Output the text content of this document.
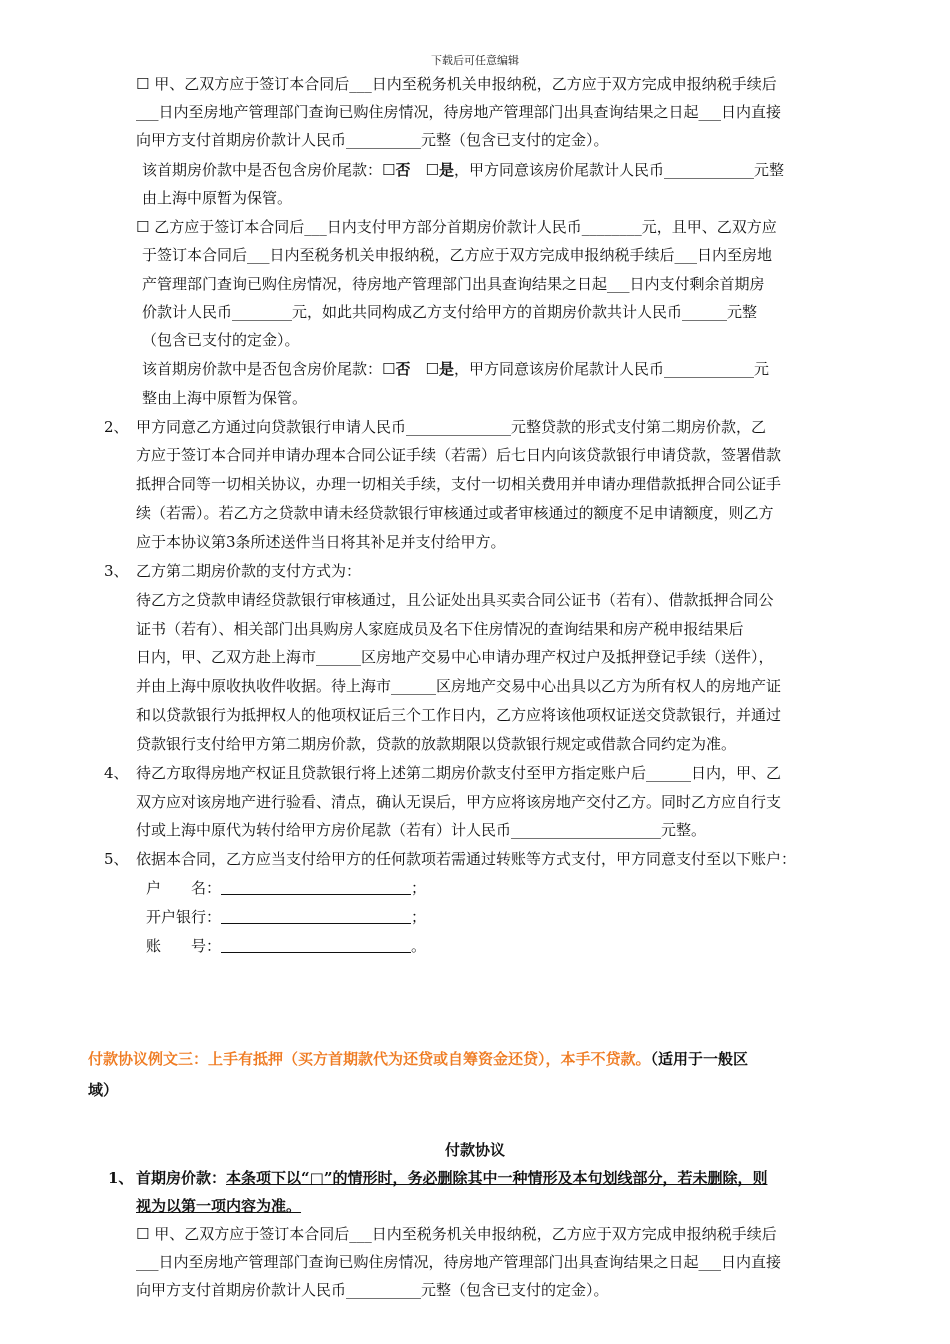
下载后可任意编辑
☐ 甲、乙双方应于签订本合同后___日内至税务机关申报纳税，乙方应于双方完成申报纳税手续后
___日内至房地产管理部门查询已购住房情况，待房地产管理部门出具查询结果之日起___日内直接
向甲方支付首期房价款计人民币__________元整（包含已支付的定金）。
该首期房价款中是否包含房价尾款：☐否　 ☐是，甲方同意该房价尾款计人民币____________元整
由上海中原暂为保管。
☐ 乙方应于签订本合同后___日内支付甲方部分首期房价款计人民币________元，且甲、乙双方应
于签订本合同后___日内至税务机关申报纳税，乙方应于双方完成申报纳税手续后___日内至房地
产管理部门查询已购住房情况，待房地产管理部门出具查询结果之日起___日内支付剩余首期房
价款计人民币________元，如此共同构成乙方支付给甲方的首期房价款共计人民币______元整
（包含已支付的定金）。
该首期房价款中是否包含房价尾款：☐否　 ☐是，甲方同意该房价尾款计人民币____________元
整由上海中原暂为保管。
2、 甲方同意乙方通过向贷款银行申请人民币______________元整贷款的形式支付第二期房价款，乙
方应于签订本合同并申请办理本合同公证手续（若需）后七日内向该贷款银行申请贷款，签署借款
抵押合同等一切相关协议，办理一切相关手续，支付一切相关费用并申请办理借款抵押合同公证手
续（若需）。若乙方之贷款申请未经贷款银行审核通过或者审核通过的额度不足申请额度，则乙方
应于本协议第3条所述送件当日将其补足并支付给甲方。
3、 乙方第二期房价款的支付方式为：
待乙方之贷款申请经贷款银行审核通过，且公证处出具买卖合同公证书（若有）、借款抵押合同公
证书（若有）、相关部门出具购房人家庭成员及名下住房情况的查询结果和房产税申报结果后
日内，甲、乙双方赴上海市______区房地产交易中心申请办理产权过户及抵押登记手续（送件），
并由上海中原收执收件收据。待上海市______区房地产交易中心出具以乙方为所有权人的房地产证
和以贷款银行为抵押权人的他项权证后三个工作日内，乙方应将该他项权证送交贷款银行，并通过
贷款银行支付给甲方第二期房价款，贷款的放款期限以贷款银行规定或借款合同约定为准。
4、 待乙方取得房地产权证且贷款银行将上述第二期房价款支付至甲方指定账户后______日内，甲、乙
双方应对该房地产进行验看、清点，确认无误后，甲方应将该房地产交付乙方。同时乙方应自行支
付或上海中原代为转付给甲方房价尾款（若有）计人民币____________________元整。
5、 依据本合同，乙方应当支付给甲方的任何款项若需通过转账等方式支付，甲方同意支付至以下账户：
户　　名：	；
开户银行：	；
账　　号：	。
付款协议例文三：上手有抵押（买方首期款代为还贷或自筹资金还贷），本手不贷款。（适用于一般区
域）
付款协议
1、 首期房价款：本条项下以“□”的情形时，务必删除其中一种情形及本句划线部分，若未删除，则
视为以第一项内容为准。
☐ 甲、乙双方应于签订本合同后___日内至税务机关申报纳税，乙方应于双方完成申报纳税手续后
___日内至房地产管理部门查询已购住房情况，待房地产管理部门出具查询结果之日起___日内直接
向甲方支付首期房价款计人民币__________元整（包含已支付的定金）。
